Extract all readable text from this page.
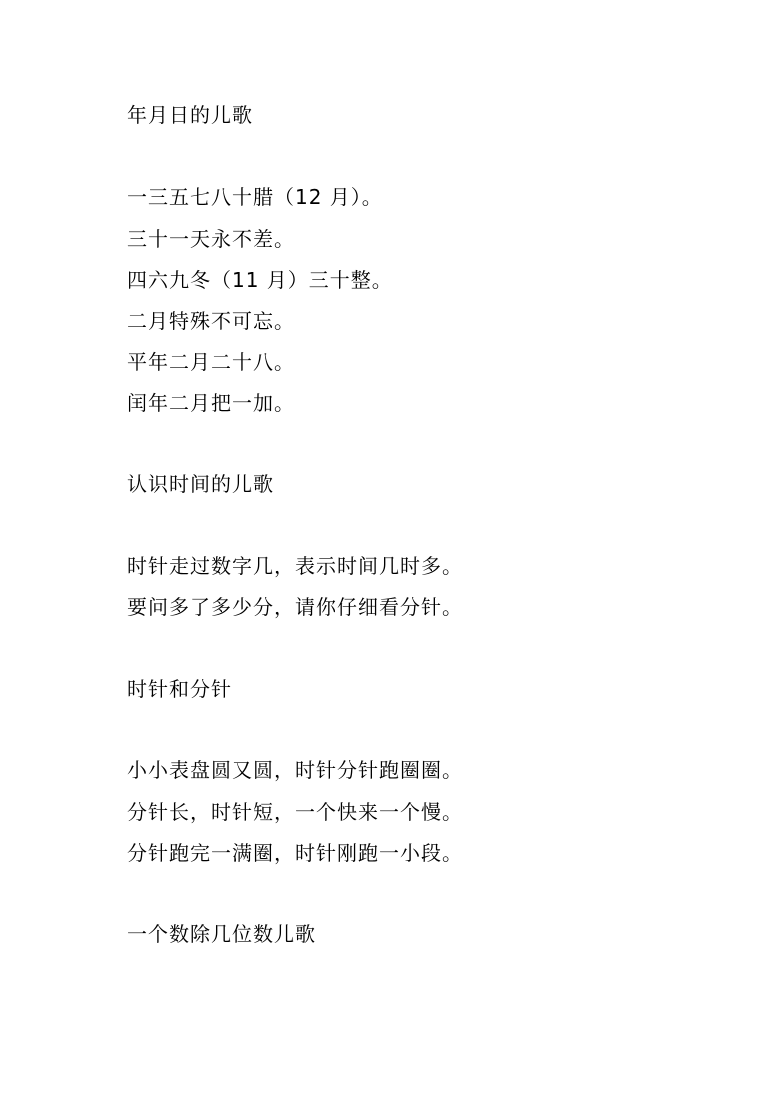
年月日的儿歌
一三五七八十腊（12 月）。
三十一天永不差。
四六九冬（11 月）三十整。
二月特殊不可忘。
平年二月二十八。
闰年二月把一加。
认识时间的儿歌
时针走过数字几，表示时间几时多。
要问多了多少分，请你仔细看分针。
时针和分针
小小表盘圆又圆，时针分针跑圈圈。
分针长，时针短，一个快来一个慢。
分针跑完一满圈，时针刚跑一小段。
一个数除几位数儿歌
